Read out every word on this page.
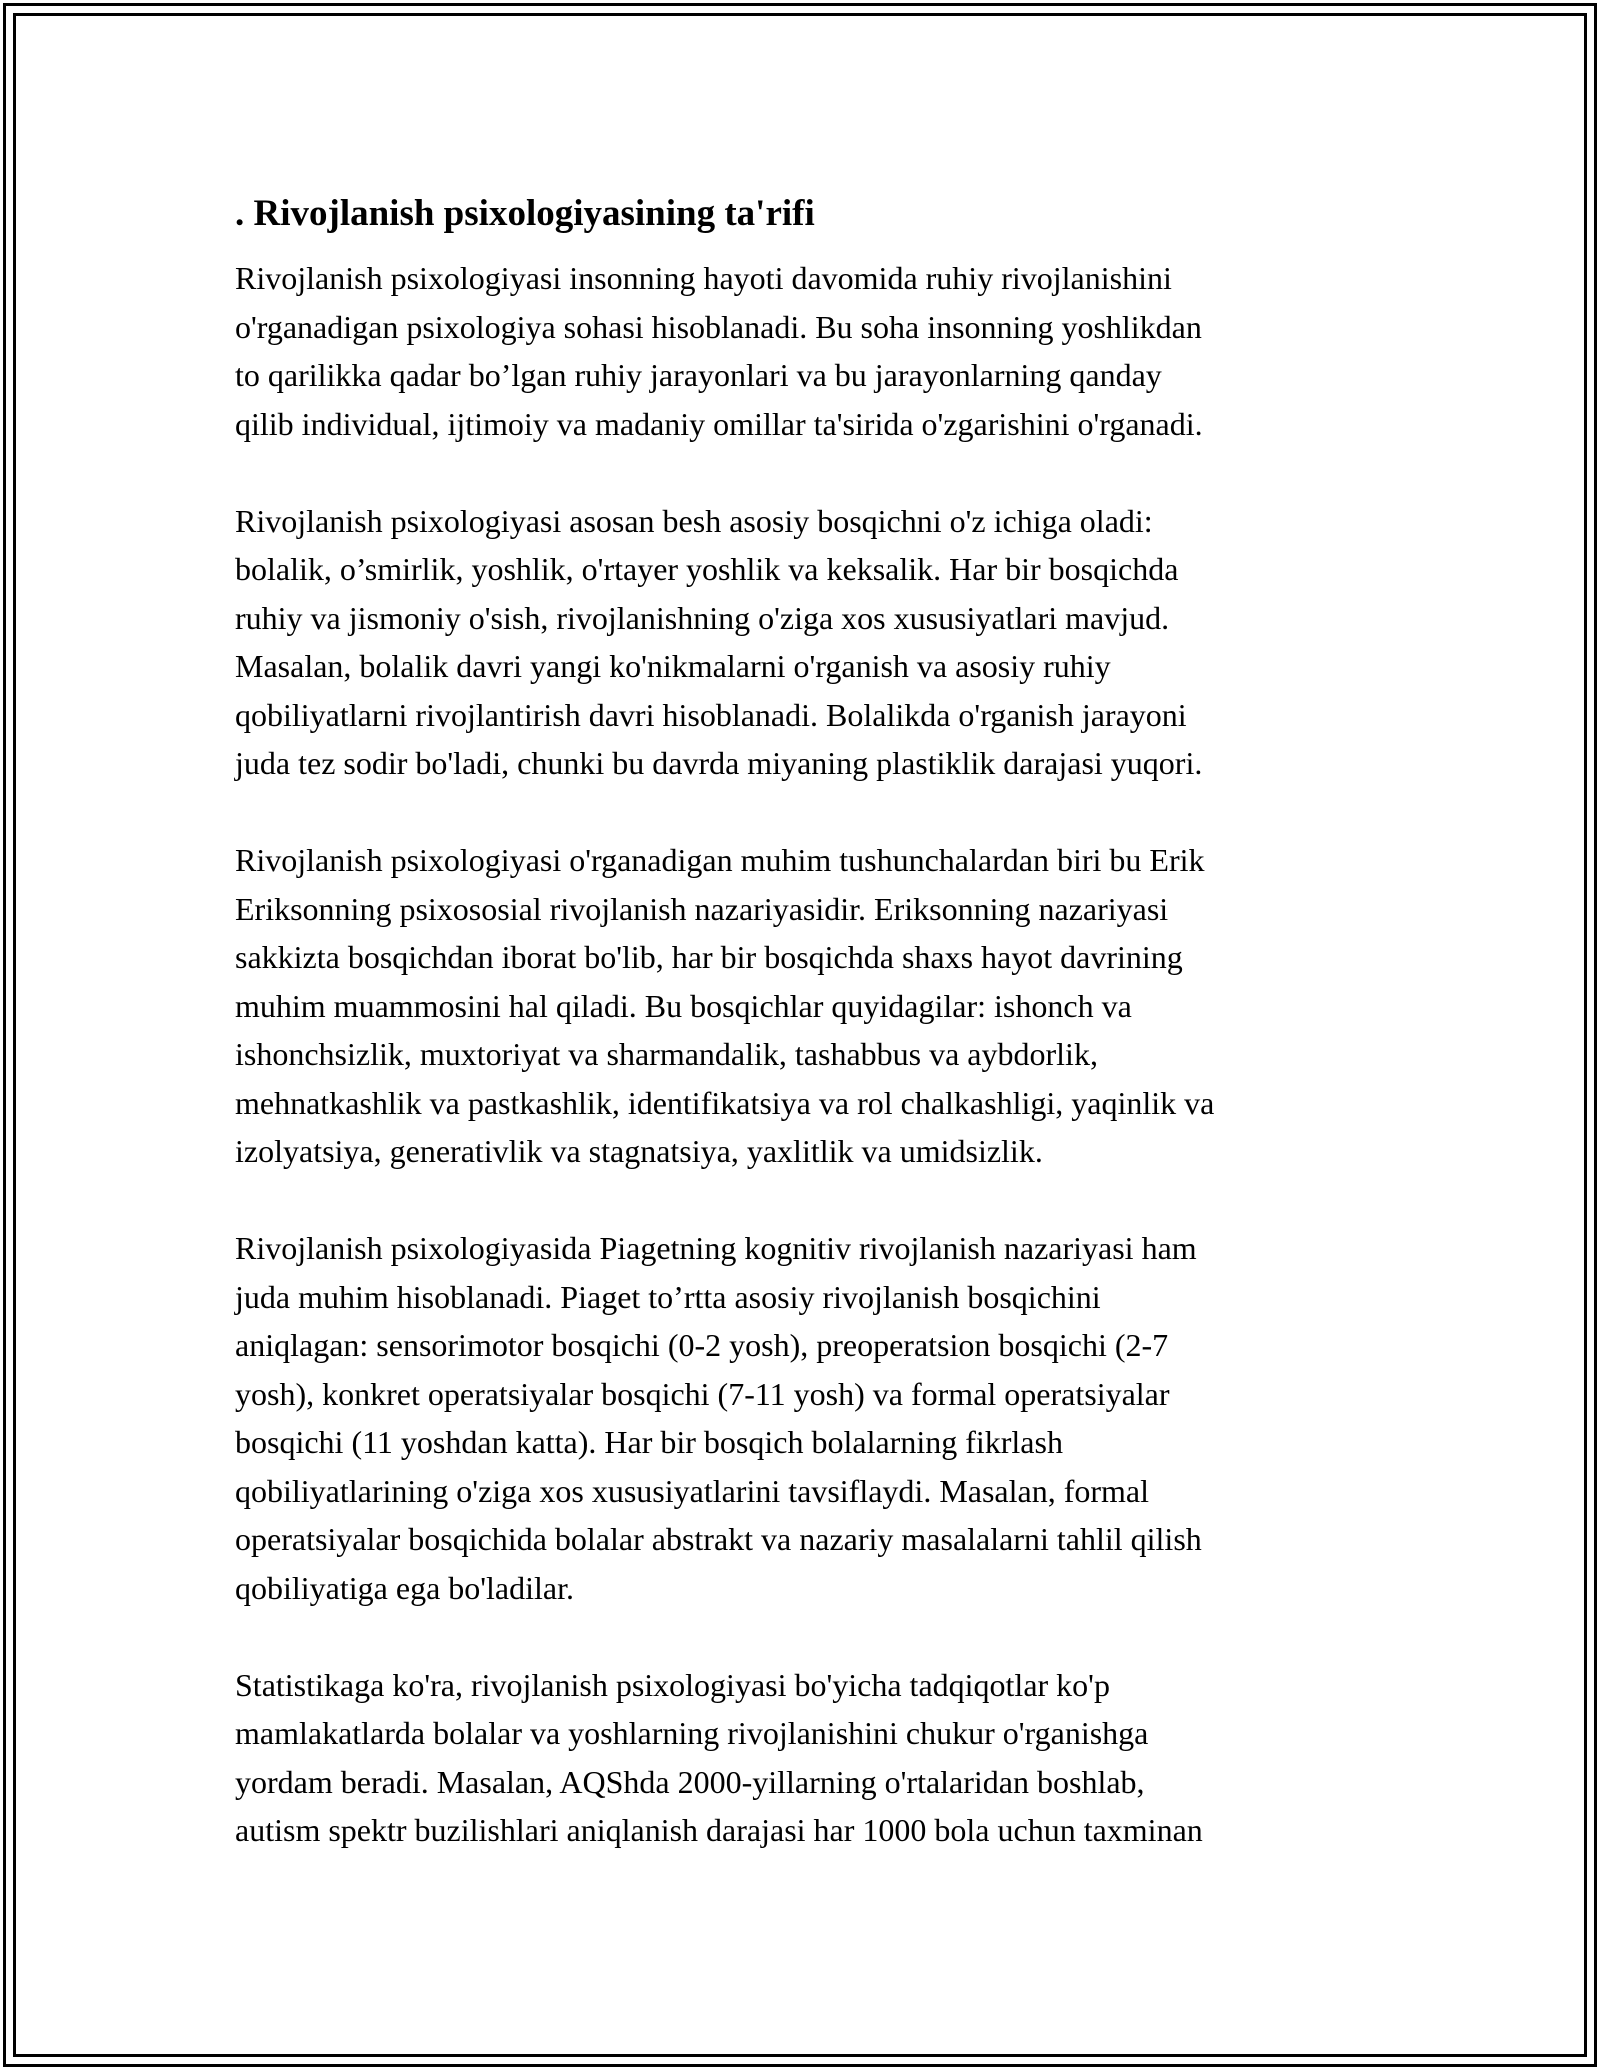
. Rivojlanish psixologiyasining ta'rifi

Rivojlanish psixologiyasi insonning hayoti davomida ruhiy rivojlanishini
o'rganadigan psixologiya sohasi hisoblanadi. Bu soha insonning yoshlikdan
to qarilikka qadar bo’lgan ruhiy jarayonlari va bu jarayonlarning qanday
qilib individual, ijtimoiy va madaniy omillar ta'sirida o'zgarishini o'rganadi.

Rivojlanish psixologiyasi asosan besh asosiy bosqichni o'z ichiga oladi:
bolalik, o’smirlik, yoshlik, o'rtayer yoshlik va keksalik. Har bir bosqichda
ruhiy va jismoniy o'sish, rivojlanishning o'ziga xos xususiyatlari mavjud.
Masalan, bolalik davri yangi ko'nikmalarni o'rganish va asosiy ruhiy
qobiliyatlarni rivojlantirish davri hisoblanadi. Bolalikda o'rganish jarayoni
juda tez sodir bo'ladi, chunki bu davrda miyaning plastiklik darajasi yuqori.

Rivojlanish psixologiyasi o'rganadigan muhim tushunchalardan biri bu Erik
Eriksonning psixososial rivojlanish nazariyasidir. Eriksonning nazariyasi
sakkizta bosqichdan iborat bo'lib, har bir bosqichda shaxs hayot davrining
muhim muammosini hal qiladi. Bu bosqichlar quyidagilar: ishonch va
ishonchsizlik, muxtoriyat va sharmandalik, tashabbus va aybdorlik,
mehnatkashlik va pastkashlik, identifikatsiya va rol chalkashligi, yaqinlik va
izolyatsiya, generativlik va stagnatsiya, yaxlitlik va umidsizlik.

Rivojlanish psixologiyasida Piagetning kognitiv rivojlanish nazariyasi ham
juda muhim hisoblanadi. Piaget to’rtta asosiy rivojlanish bosqichini
aniqlagan: sensorimotor bosqichi (0-2 yosh), preoperatsion bosqichi (2-7
yosh), konkret operatsiyalar bosqichi (7-11 yosh) va formal operatsiyalar
bosqichi (11 yoshdan katta). Har bir bosqich bolalarning fikrlash
qobiliyatlarining o'ziga xos xususiyatlarini tavsiflaydi. Masalan, formal
operatsiyalar bosqichida bolalar abstrakt va nazariy masalalarni tahlil qilish
qobiliyatiga ega bo'ladilar.

Statistikaga ko'ra, rivojlanish psixologiyasi bo'yicha tadqiqotlar ko'p
mamlakatlarda bolalar va yoshlarning rivojlanishini chukur o'rganishga
yordam beradi. Masalan, AQShda 2000-yillarning o'rtalaridan boshlab,
autism spektr buzilishlari aniqlanish darajasi har 1000 bola uchun taxminan
